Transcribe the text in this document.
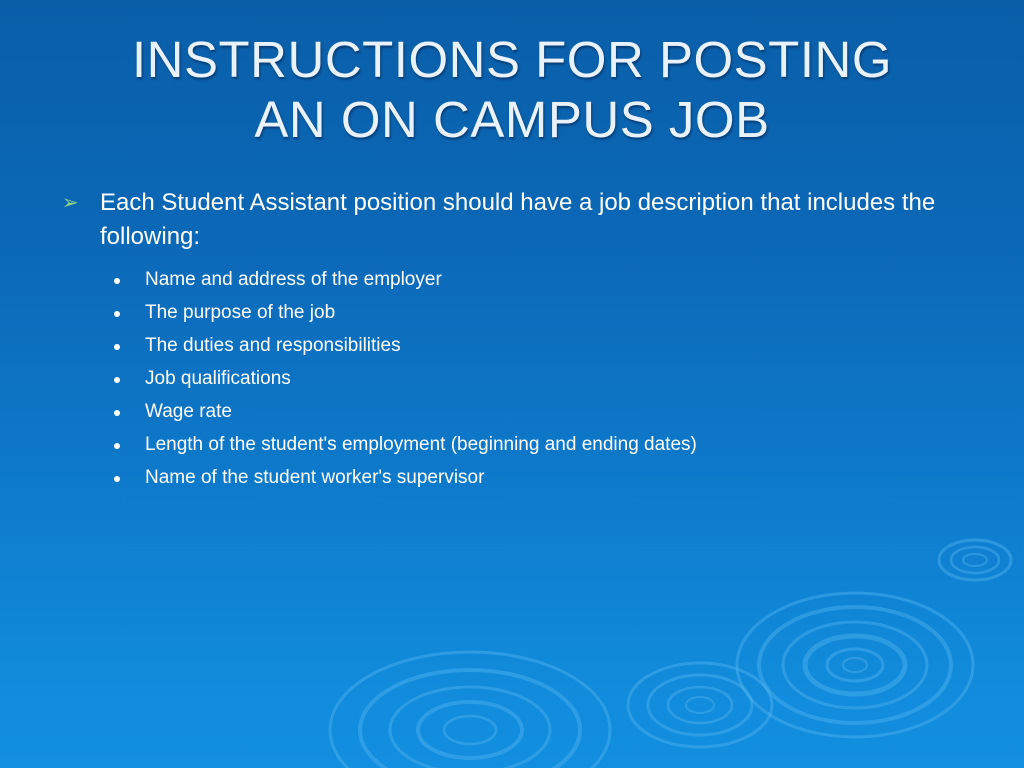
INSTRUCTIONS FOR POSTING
AN ON CAMPUS JOB
➢ Each Student Assistant position should have a job description that includes the following:
Name and address of the employer
The purpose of the job
The duties and responsibilities
Job qualifications
Wage rate
Length of the student's employment (beginning and ending dates)
Name of the student worker's supervisor
